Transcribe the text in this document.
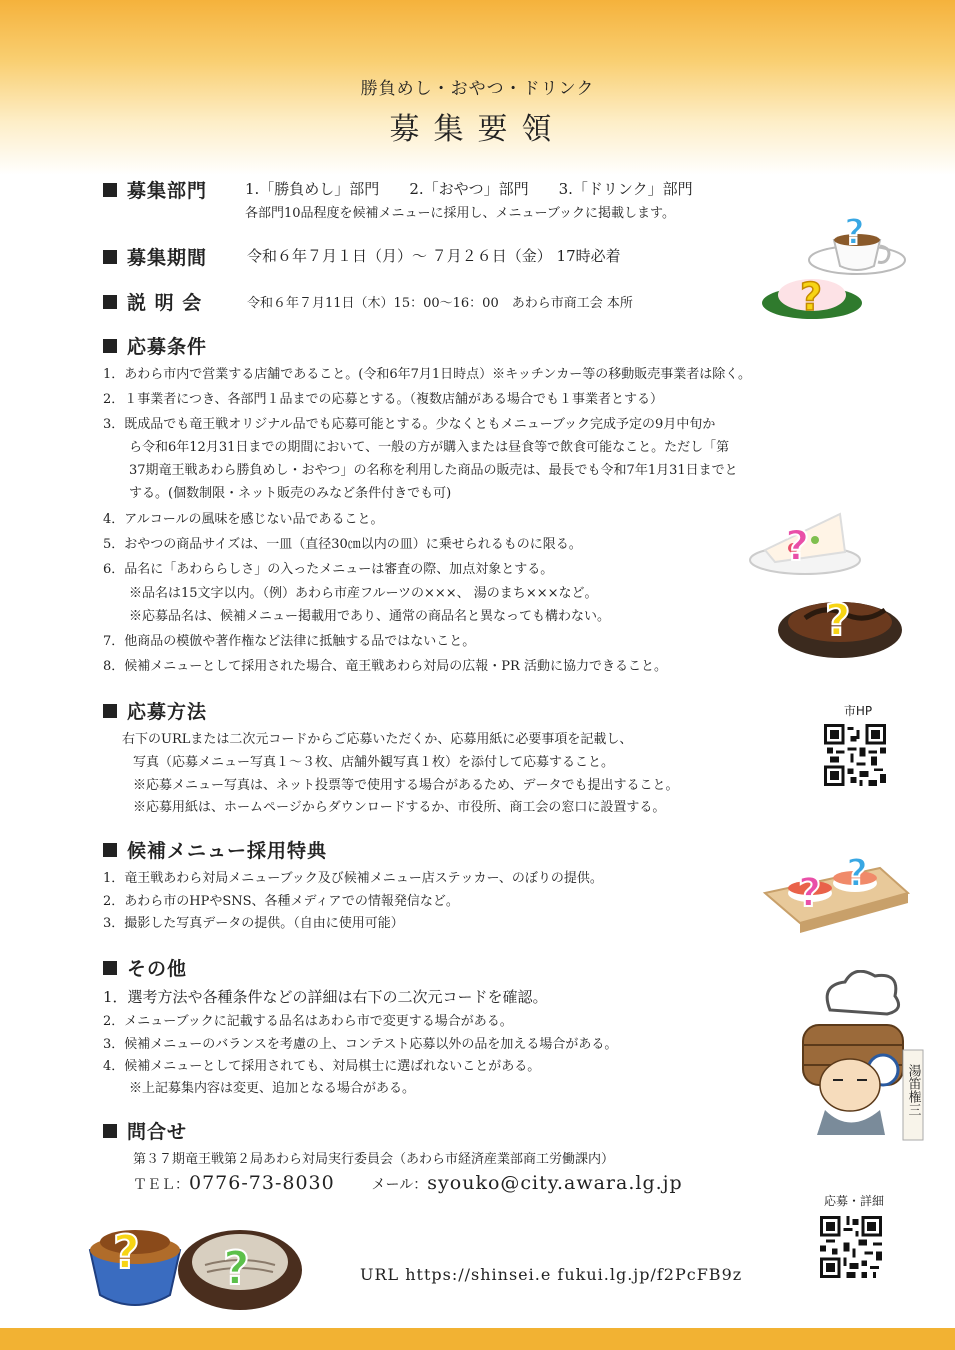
勝負めし・おやつ・ドリンク
募集要領
募集部門	1.「勝負めし」部門　　2.「おやつ」部門　　3.「ドリンク」部門
各部門10品程度を候補メニューに採用し、メニューブックに掲載します。
募集期間	令和６年７月１日（月）～ ７月２６日（金） 17時必着
説 明 会	令和６年７月11日（木）15：00～16：00　あわら市商工会 本所
応募条件
1．あわら市内で営業する店舗であること。(令和6年7月1日時点）※キッチンカー等の移動販売事業者は除く。
2．１事業者につき、各部門１品までの応募とする。（複数店舗がある場合でも１事業者とする）
3．既成品でも竜王戦オリジナル品でも応募可能とする。少なくともメニューブック完成予定の9月中旬か
　　ら令和6年12月31日までの期間において、一般の方が購入または昼食等で飲食可能なこと。ただし「第
　　37期竜王戦あわら勝負めし・おやつ」の名称を利用した商品の販売は、最長でも令和7年1月31日までと
　　する。(個数制限・ネット販売のみなど条件付きでも可)
4．アルコールの風味を感じない品であること。
5．おやつの商品サイズは、一皿（直径30㎝以内の皿）に乗せられるものに限る。
6．品名に「あわららしさ」の入ったメニューは審査の際、加点対象とする。
　　※品名は15文字以内。（例）あわら市産フルーツの×××、 湯のまち×××など。
　　※応募品名は、候補メニュー掲載用であり、通常の商品名と異なっても構わない。
7．他商品の模倣や著作権など法律に抵触する品ではないこと。
8．候補メニューとして採用された場合、竜王戦あわら対局の広報・PR 活動に協力できること。
応募方法
右下のURLまたは二次元コードからご応募いただくか、応募用紙に必要事項を記載し、
写真（応募メニュー写真１～３枚、店舗外観写真１枚）を添付して応募すること。
※応募メニュー写真は、ネット投票等で使用する場合があるため、データでも提出すること。
※応募用紙は、ホームページからダウンロードするか、市役所、商工会の窓口に設置する。
候補メニュー採用特典
1．竜王戦あわら対局メニューブック及び候補メニュー店ステッカー、のぼりの提供。
2．あわら市のHPやSNS、各種メディアでの情報発信など。
3．撮影した写真データの提供。（自由に使用可能）
その他
1．選考方法や各種条件などの詳細は右下の二次元コードを確認。
2．メニューブックに記載する品名はあわら市で変更する場合がある。
3．候補メニューのバランスを考慮の上、コンテスト応募以外の品を加える場合がある。
4．候補メニューとして採用されても、対局棋士に選ばれないことがある。
　　※上記募集内容は変更、追加となる場合がある。
問合せ
第３７期竜王戦第２局あわら対局実行委員会（あわら市経済産業部商工労働課内）
ＴＥＬ：0776-73-8030	メール：syouko@city.awara.lg.jp
URL https://shinsei.e fukui.lg.jp/f2PcFB9z
市HP
応募・詳細
?
?
?
?
? ?
湯笛権三
? ?
